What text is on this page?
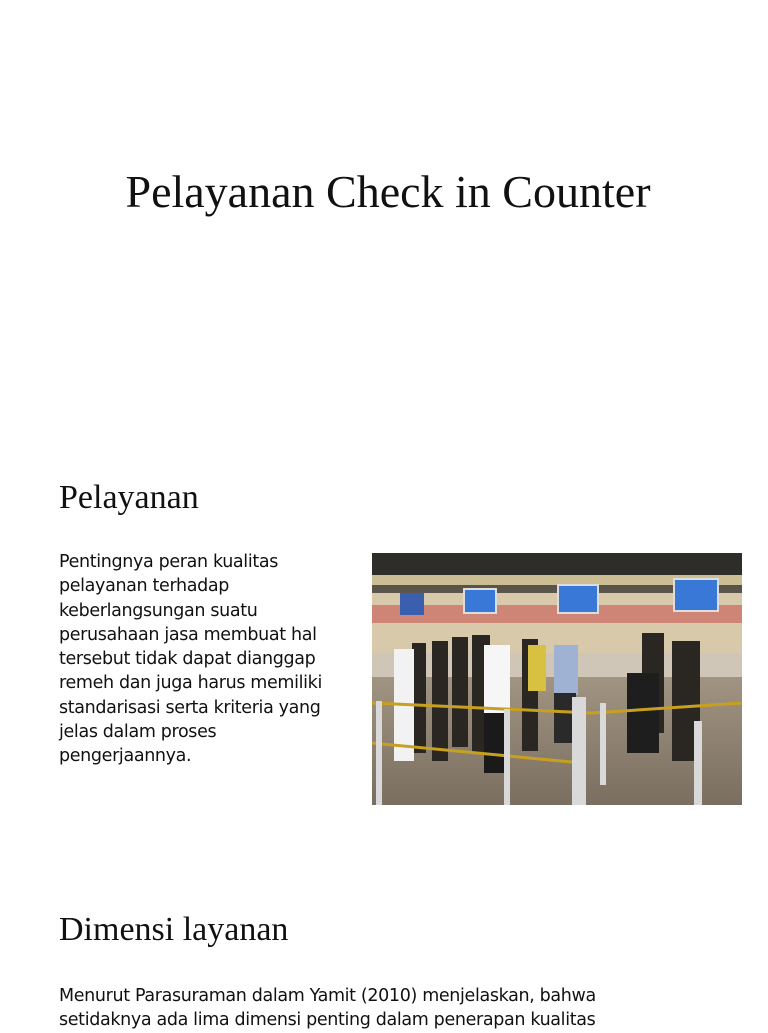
Pelayanan Check in Counter
Pelayanan
Pentingnya peran kualitas
pelayanan terhadap
keberlangsungan suatu
perusahaan jasa membuat hal
tersebut tidak dapat dianggap
remeh dan juga harus memiliki
standarisasi serta kriteria yang
jelas dalam proses
pengerjaannya.
Dimensi layanan
Menurut Parasuraman dalam Yamit (2010) menjelaskan, bahwa
setidaknya ada lima dimensi penting dalam penerapan kualitas
